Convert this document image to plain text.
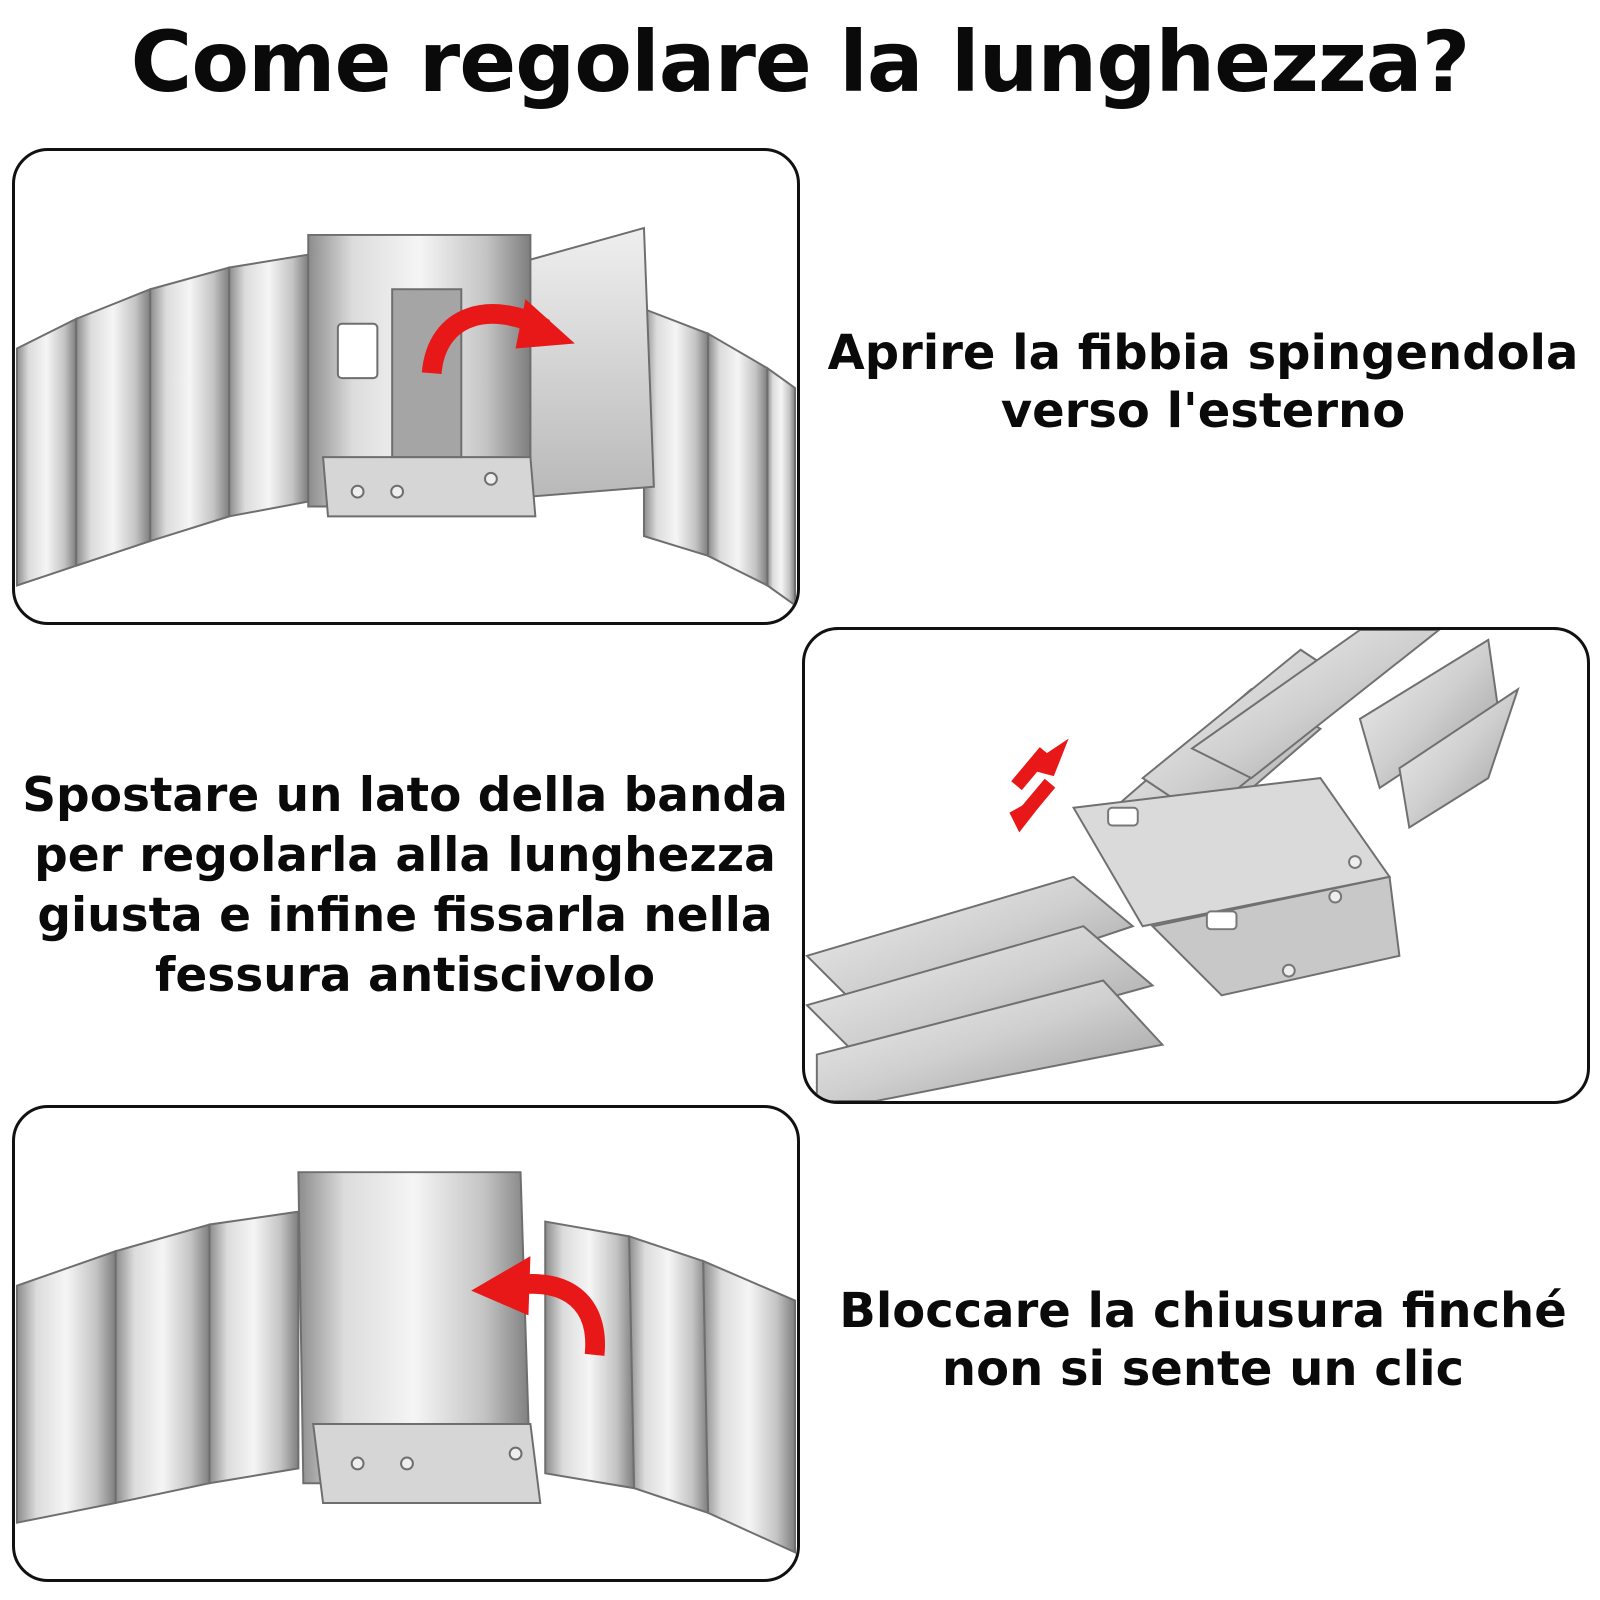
Come regolare la lunghezza?

Aprire la fibbia spingendola verso l'esterno

Spostare un lato della banda per regolarla alla lunghezza giusta e infine fissarla nella fessura antiscivolo

Bloccare la chiusura finché non si sente un clic
